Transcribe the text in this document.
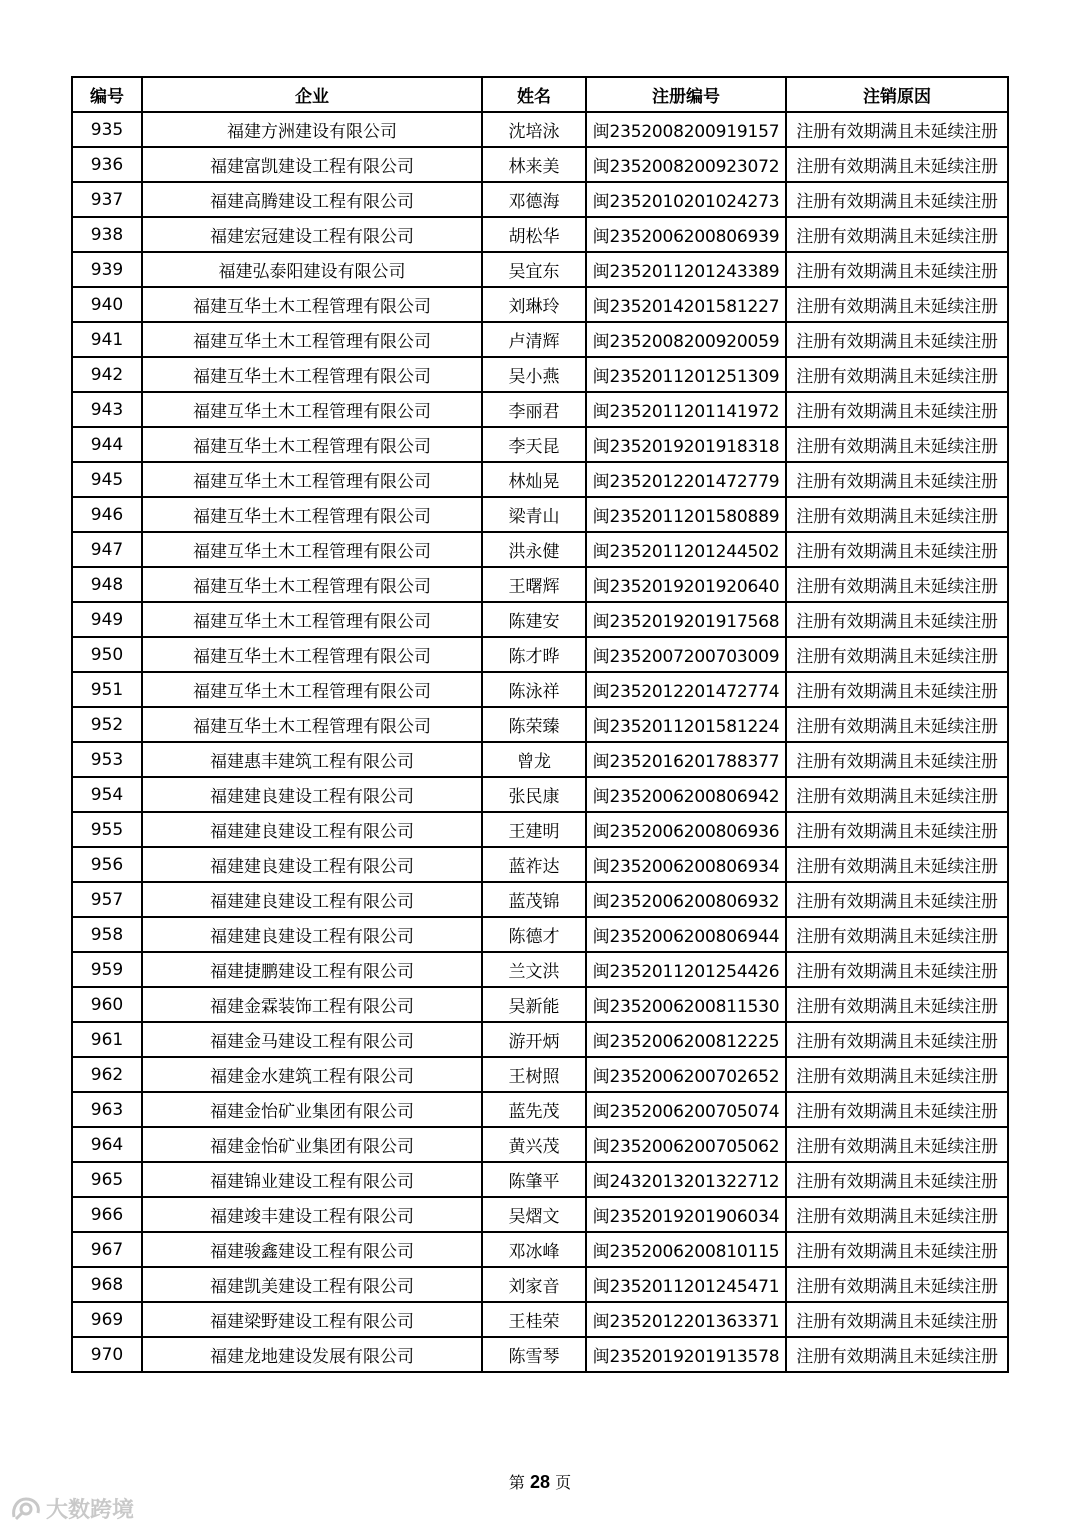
编号	企业	姓名	注册编号	注销原因
935	福建方洲建设有限公司	沈培泳	闽2352008200919157	注册有效期满且未延续注册
936	福建富凯建设工程有限公司	林来美	闽2352008200923072	注册有效期满且未延续注册
937	福建高腾建设工程有限公司	邓德海	闽2352010201024273	注册有效期满且未延续注册
938	福建宏冠建设工程有限公司	胡松华	闽2352006200806939	注册有效期满且未延续注册
939	福建弘泰阳建设有限公司	吴宜东	闽2352011201243389	注册有效期满且未延续注册
940	福建互华土木工程管理有限公司	刘琳玲	闽2352014201581227	注册有效期满且未延续注册
941	福建互华土木工程管理有限公司	卢清辉	闽2352008200920059	注册有效期满且未延续注册
942	福建互华土木工程管理有限公司	吴小燕	闽2352011201251309	注册有效期满且未延续注册
943	福建互华土木工程管理有限公司	李丽君	闽2352011201141972	注册有效期满且未延续注册
944	福建互华土木工程管理有限公司	李天昆	闽2352019201918318	注册有效期满且未延续注册
945	福建互华土木工程管理有限公司	林灿晃	闽2352012201472779	注册有效期满且未延续注册
946	福建互华土木工程管理有限公司	梁青山	闽2352011201580889	注册有效期满且未延续注册
947	福建互华土木工程管理有限公司	洪永健	闽2352011201244502	注册有效期满且未延续注册
948	福建互华土木工程管理有限公司	王曙辉	闽2352019201920640	注册有效期满且未延续注册
949	福建互华土木工程管理有限公司	陈建安	闽2352019201917568	注册有效期满且未延续注册
950	福建互华土木工程管理有限公司	陈才晔	闽2352007200703009	注册有效期满且未延续注册
951	福建互华土木工程管理有限公司	陈泳祥	闽2352012201472774	注册有效期满且未延续注册
952	福建互华土木工程管理有限公司	陈荣臻	闽2352011201581224	注册有效期满且未延续注册
953	福建惠丰建筑工程有限公司	曾龙	闽2352016201788377	注册有效期满且未延续注册
954	福建建良建设工程有限公司	张民康	闽2352006200806942	注册有效期满且未延续注册
955	福建建良建设工程有限公司	王建明	闽2352006200806936	注册有效期满且未延续注册
956	福建建良建设工程有限公司	蓝祚达	闽2352006200806934	注册有效期满且未延续注册
957	福建建良建设工程有限公司	蓝茂锦	闽2352006200806932	注册有效期满且未延续注册
958	福建建良建设工程有限公司	陈德才	闽2352006200806944	注册有效期满且未延续注册
959	福建捷鹏建设工程有限公司	兰文洪	闽2352011201254426	注册有效期满且未延续注册
960	福建金霖装饰工程有限公司	吴新能	闽2352006200811530	注册有效期满且未延续注册
961	福建金马建设工程有限公司	游开炳	闽2352006200812225	注册有效期满且未延续注册
962	福建金水建筑工程有限公司	王树照	闽2352006200702652	注册有效期满且未延续注册
963	福建金怡矿业集团有限公司	蓝先茂	闽2352006200705074	注册有效期满且未延续注册
964	福建金怡矿业集团有限公司	黄兴茂	闽2352006200705062	注册有效期满且未延续注册
965	福建锦业建设工程有限公司	陈肇平	闽2432013201322712	注册有效期满且未延续注册
966	福建竣丰建设工程有限公司	吴熠文	闽2352019201906034	注册有效期满且未延续注册
967	福建骏鑫建设工程有限公司	邓冰峰	闽2352006200810115	注册有效期满且未延续注册
968	福建凯美建设工程有限公司	刘家音	闽2352011201245471	注册有效期满且未延续注册
969	福建梁野建设工程有限公司	王桂荣	闽2352012201363371	注册有效期满且未延续注册
970	福建龙地建设发展有限公司	陈雪琴	闽2352019201913578	注册有效期满且未延续注册
第 28 页
大数跨境
